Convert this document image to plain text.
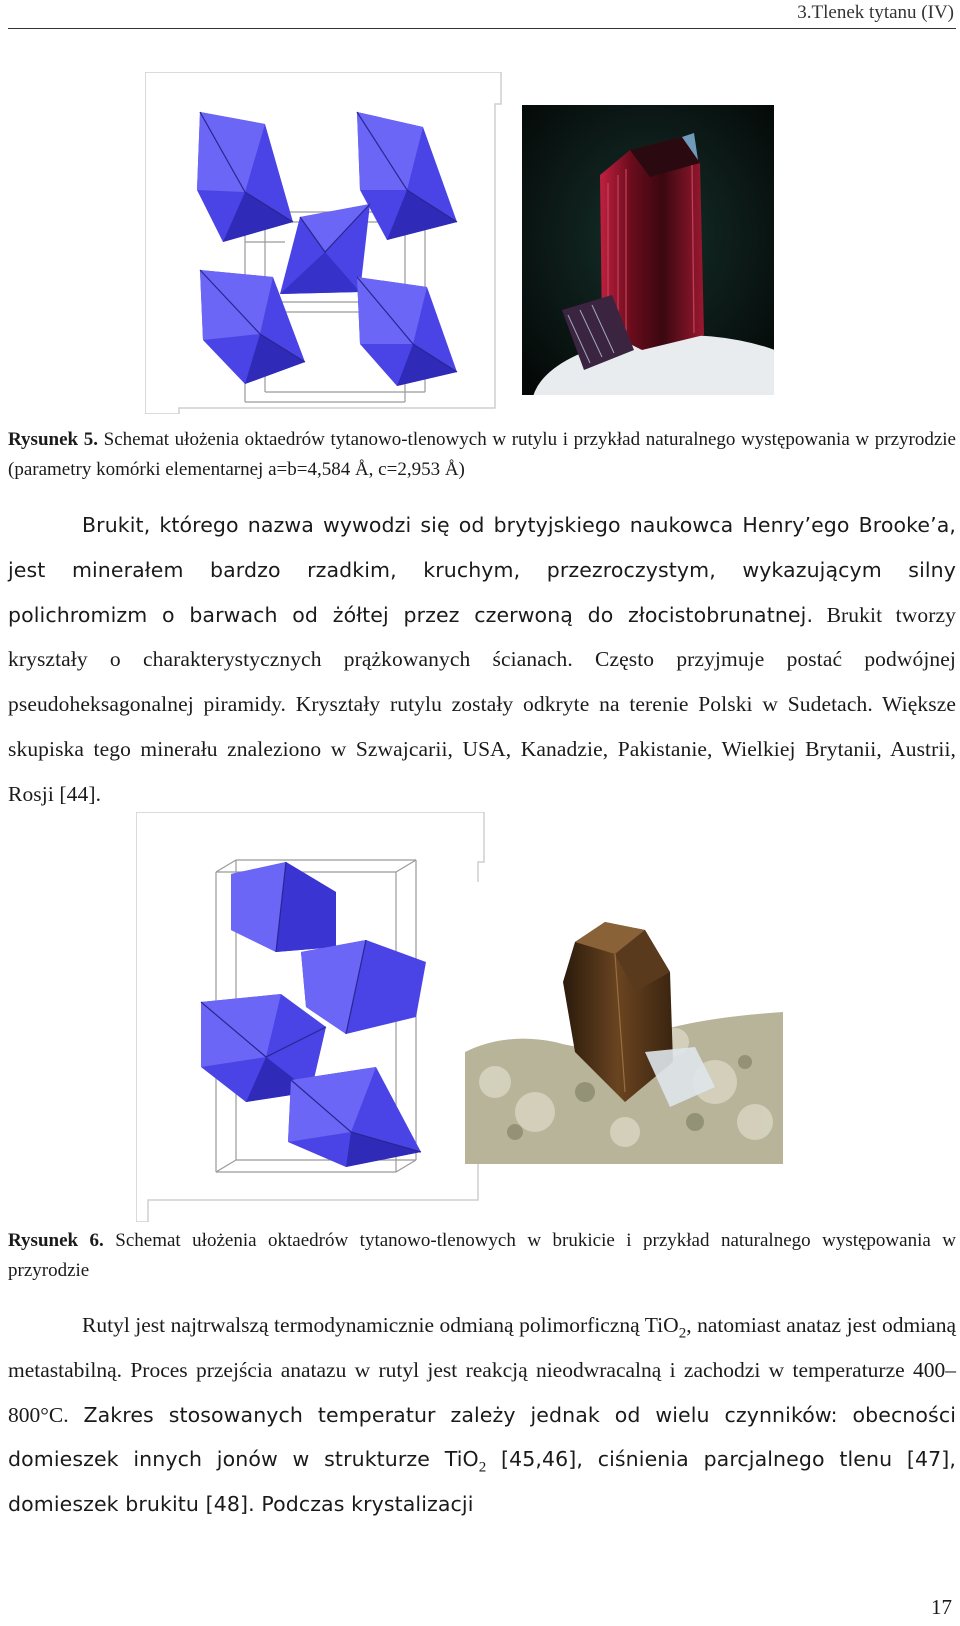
3.Tlenek tytanu (IV)
Rysunek 5. Schemat ułożenia oktaedrów tytanowo-tlenowych w rutylu i przykład naturalnego występowania w przyrodzie (parametry komórki elementarnej a=b=4,584 Å, c=2,953 Å)
Brukit, którego nazwa wywodzi się od brytyjskiego naukowca Henry’ego Brooke’a, jest minerałem bardzo rzadkim, kruchym, przezroczystym, wykazującym silny polichromizm o barwach od żółtej przez czerwoną do złocistobrunatnej. Brukit tworzy kryształy o charakterystycznych prążkowanych ścianach. Często przyjmuje postać podwójnej pseudoheksagonalnej piramidy. Kryształy rutylu zostały odkryte na terenie Polski w Sudetach. Większe skupiska tego minerału znaleziono w Szwajcarii, USA, Kanadzie, Pakistanie, Wielkiej Brytanii, Austrii, Rosji [44].
Rysunek 6. Schemat ułożenia oktaedrów tytanowo-tlenowych w brukicie i przykład naturalnego występowania w przyrodzie
Rutyl jest najtrwalszą termodynamicznie odmianą polimorficzną TiO$_2$, natomiast anataz jest odmianą metastabilną. Proces przejścia anatazu w rutyl jest reakcją nieodwracalną i zachodzi w temperaturze 400–800°C. Zakres stosowanych temperatur zależy jednak od wielu czynników: obecności domieszek innych jonów w strukturze TiO$_2$ [45,46], ciśnienia parcjalnego tlenu [47], domieszek brukitu [48]. Podczas krystalizacji
17
